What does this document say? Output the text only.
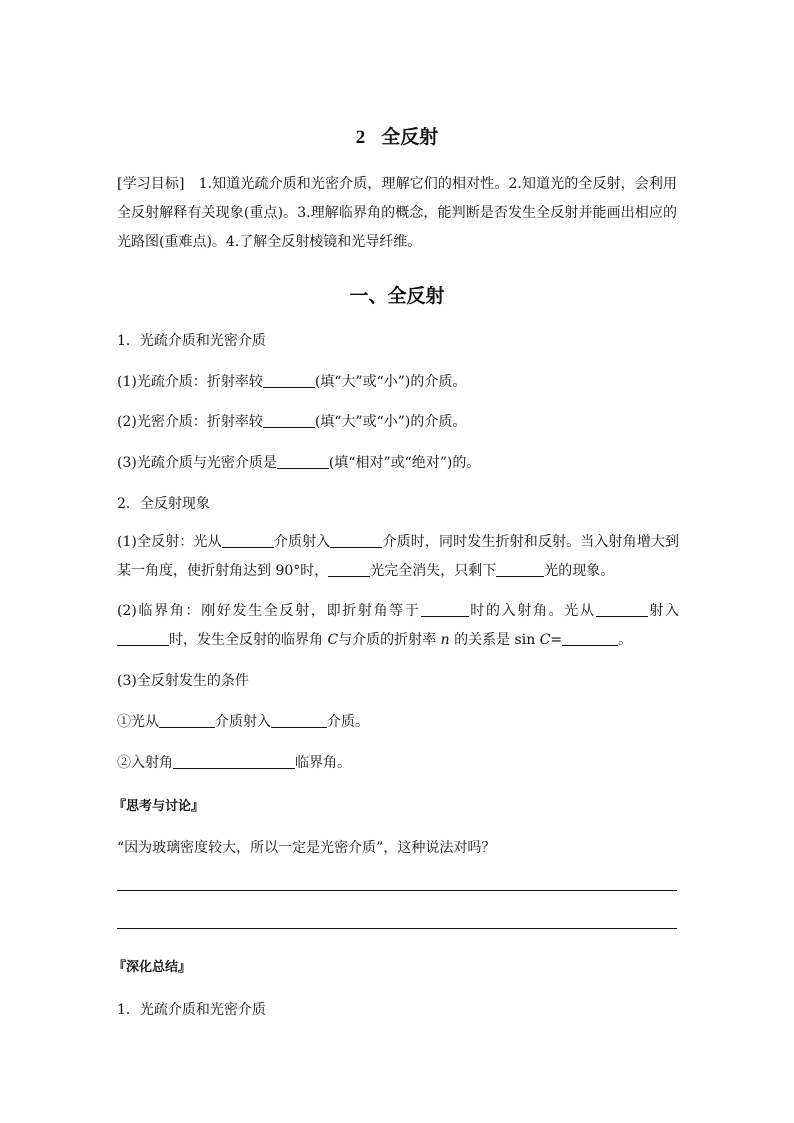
2 全反射
[学习目标]　1.知道光疏介质和光密介质，理解它们的相对性。2.知道光的全反射，会利用全反射解释有关现象(重点)。3.理解临界角的概念，能判断是否发生全反射并能画出相应的光路图(重难点)。4.了解全反射棱镜和光导纤维。
一、全反射
1．光疏介质和光密介质
(1)光疏介质：折射率较	(填“大”或“小”)的介质。
(2)光密介质：折射率较	(填“大”或“小”)的介质。
(3)光疏介质与光密介质是	(填“相对”或“绝对”)的。
2．全反射现象
(1)全反射：光从	介质射入	介质时，同时发生折射和反射。当入射角增大到某一角度，使折射角达到 90°时，	光完全消失，只剩下	光的现象。
(2)临界角：刚好发生全反射，即折射角等于	时的入射角。光从	射入时，发生全反射的临界角 C与介质的折射率 n 的关系是 sin C=	。
(3)全反射发生的条件
①光从	介质射入	介质。
②入射角	临界角。
『思考与讨论』
“因为玻璃密度较大，所以一定是光密介质”，这种说法对吗？
『深化总结』
1．光疏介质和光密介质
